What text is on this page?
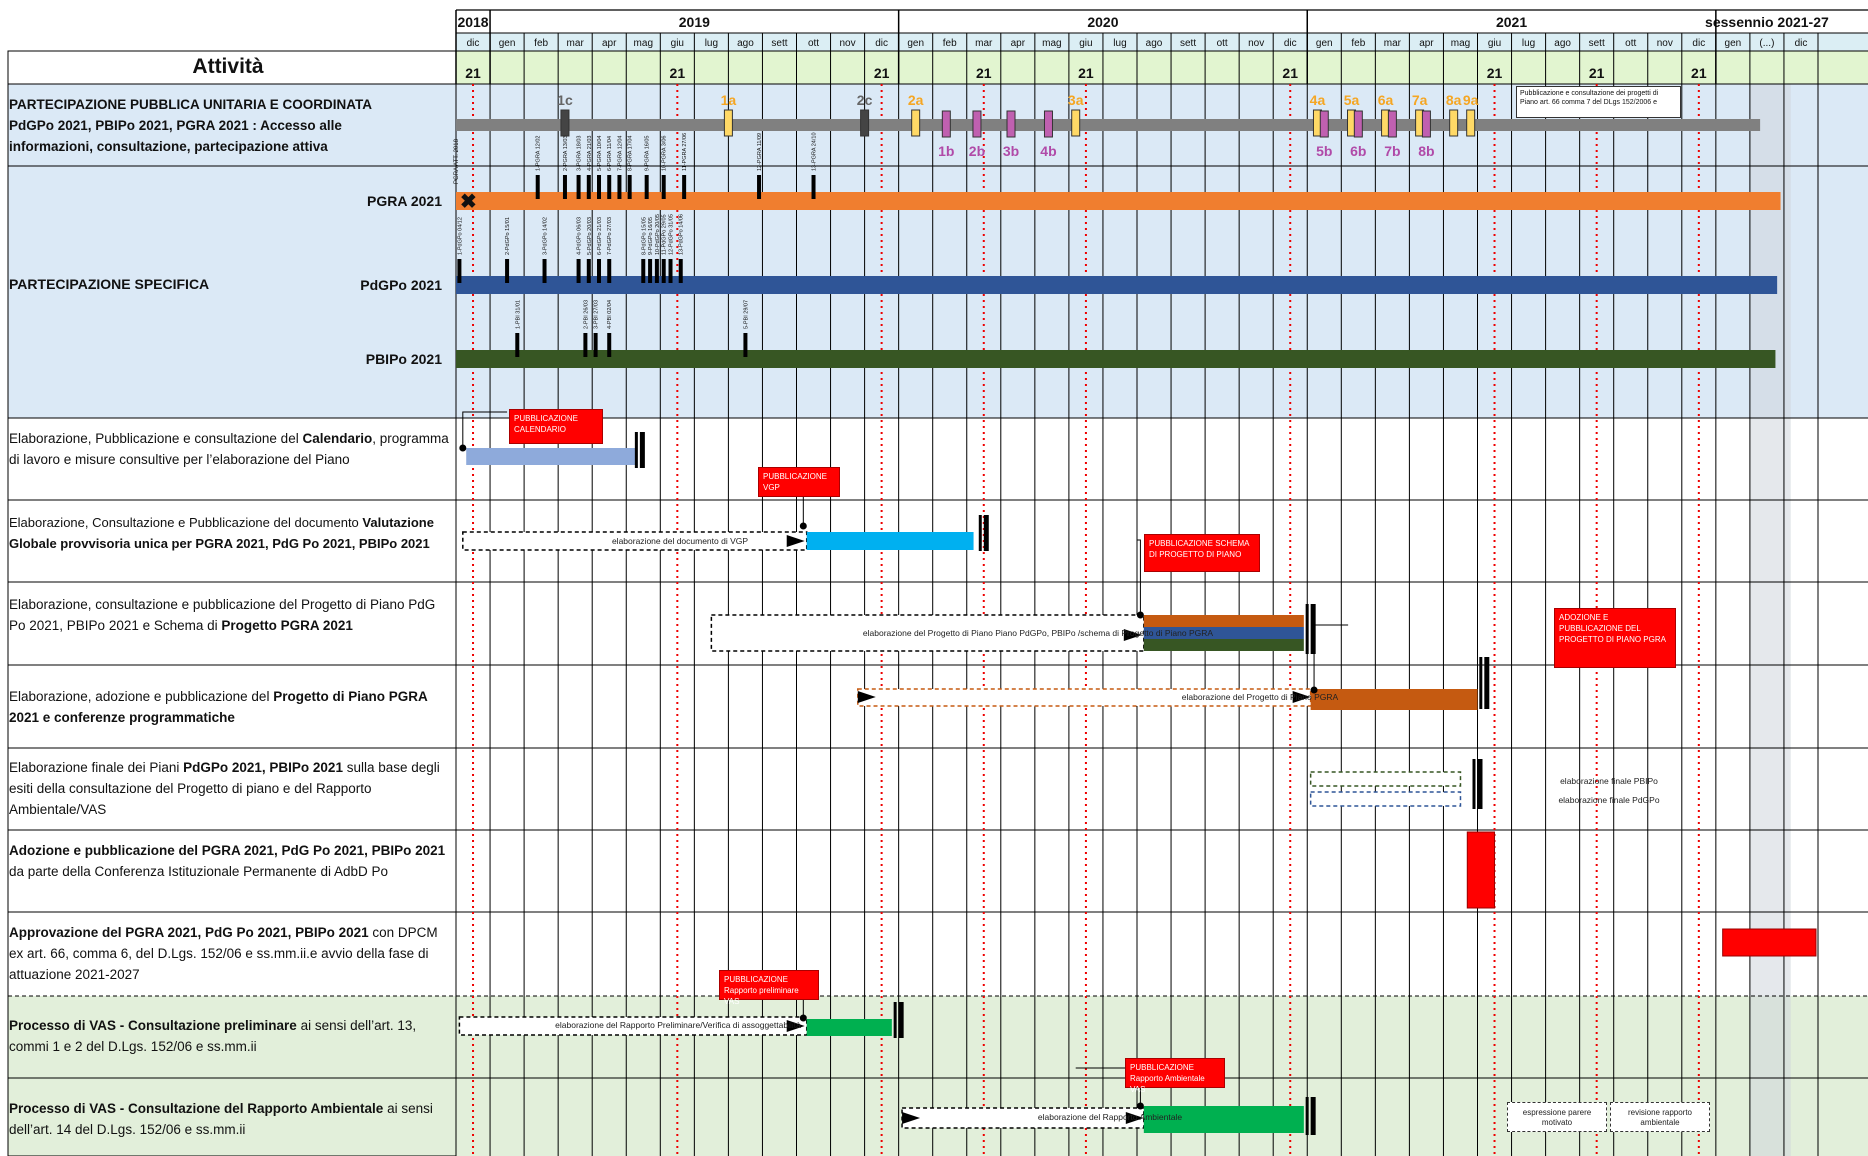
2018	2019	2020	2021	sessennio 2021-27
dic gen feb mar apr mag giu lug ago sett ott nov dic gen feb mar apr mag giu lug ago sett ott nov dic gen feb mar apr mag giu lug ago sett ott nov dic gen (...) dic
21	21	21	21	21	21	21	21	21
1c	2c
1a	2a	3a	4a 5a 6a 7a 8a 9a
1b 2b 3b 4b	5b 6b 7b 8b
✖
PGRA ATT. 2018	1-PGRA 12/02	2-PGRA 13/03 3-PGRA 18/03 4-PGRA 21/03 5-PGRA 10/04 6-PGRA 11/04 7-PGRA 12/04 8-PGRA 17/04 9-PGRA 16/05 10-PGRA 3/06	11-PGRA 27/06	12-PGRA 11/09	13-PGRA 24/10
1-PdGPo 04/12	2-PdGPo 15/01	3-PdGPo 14/02	4-PdGPo 06/03 5-PdGPo 20/03 6-PdGPo 21/03 7-PdGPo 27/03	8-PdGPo 15/05 9-PdGPo 16/05 10-PdGPo 20/05 11-PdGPo 29/05 12-PdGPo 31/05 13-PdGPo 14/06
1-PBI 31/01	2-PBI 26/03 3-PBI 27/03 4-PBI 02/04	5-PBI 29/07
Attività
PARTECIPAZIONE PUBBLICA UNITARIA E COORDINATA
PdGPo 2021, PBIPo 2021, PGRA 2021 : Accesso alle
informazioni, consultazione, partecipazione attiva
Pubblicazione e consultazione dei progetti di Piano art. 66 comma 7 del DLgs 152/2006 e
PARTECIPAZIONE SPECIFICA
PGRA 2021
PdGPo 2021
PBIPo 2021
Elaborazione, Pubblicazione e consultazione del Calendario, programma di lavoro e misure consultive per l’elaborazione del Piano
Elaborazione, Consultazione e Pubblicazione del documento Valutazione Globale provvisoria unica per PGRA 2021, PdG Po 2021, PBIPo 2021
Elaborazione, consultazione e pubblicazione del Progetto di Piano PdG Po 2021, PBIPo 2021 e Schema di Progetto PGRA 2021
Elaborazione, adozione e pubblicazione del Progetto di Piano PGRA 2021 e conferenze programmatiche
Elaborazione finale dei Piani PdGPo 2021, PBIPo 2021 sulla base degli esiti della consultazione del Progetto di piano e del Rapporto Ambientale/VAS
Adozione e pubblicazione del PGRA 2021, PdG Po 2021, PBIPo 2021 da parte della Conferenza Istituzionale Permanente di AdbD Po
Approvazione del PGRA 2021, PdG Po 2021, PBIPo 2021 con DPCM ex art. 66, comma 6, del D.Lgs. 152/06 e ss.mm.ii.e avvio della fase di attuazione 2021-2027
Processo di VAS - Consultazione preliminare ai sensi dell’art. 13, commi 1 e 2 del D.Lgs. 152/06 e ss.mm.ii
Processo di VAS - Consultazione del Rapporto Ambientale ai sensi dell’art. 14 del D.Lgs. 152/06 e ss.mm.ii
PUBBLICAZIONE CALENDARIO
PUBBLICAZIONE VGP
PUBBLICAZIONE SCHEMA DI PROGETTO DI PIANO
ADOZIONE E PUBBLICAZIONE DEL PROGETTO DI PIANO PGRA
PUBBLICAZIONE Rapporto preliminare VAS
PUBBLICAZIONE Rapporto Ambientale VAS
elaborazione del documento di VGP
elaborazione del Progetto di Piano Piano PdGPo, PBIPo /schema di Progetto di Piano PGRA
elaborazione del Progetto di Piano PGRA
elaborazione finale PBIPo
elaborazione finale PdGPo
elaborazione del Rapporto Preliminare/Verifica di assoggettabilità
elaborazione del Rapporto Ambientale	espressione parere motivato
revisione rapporto ambientale
